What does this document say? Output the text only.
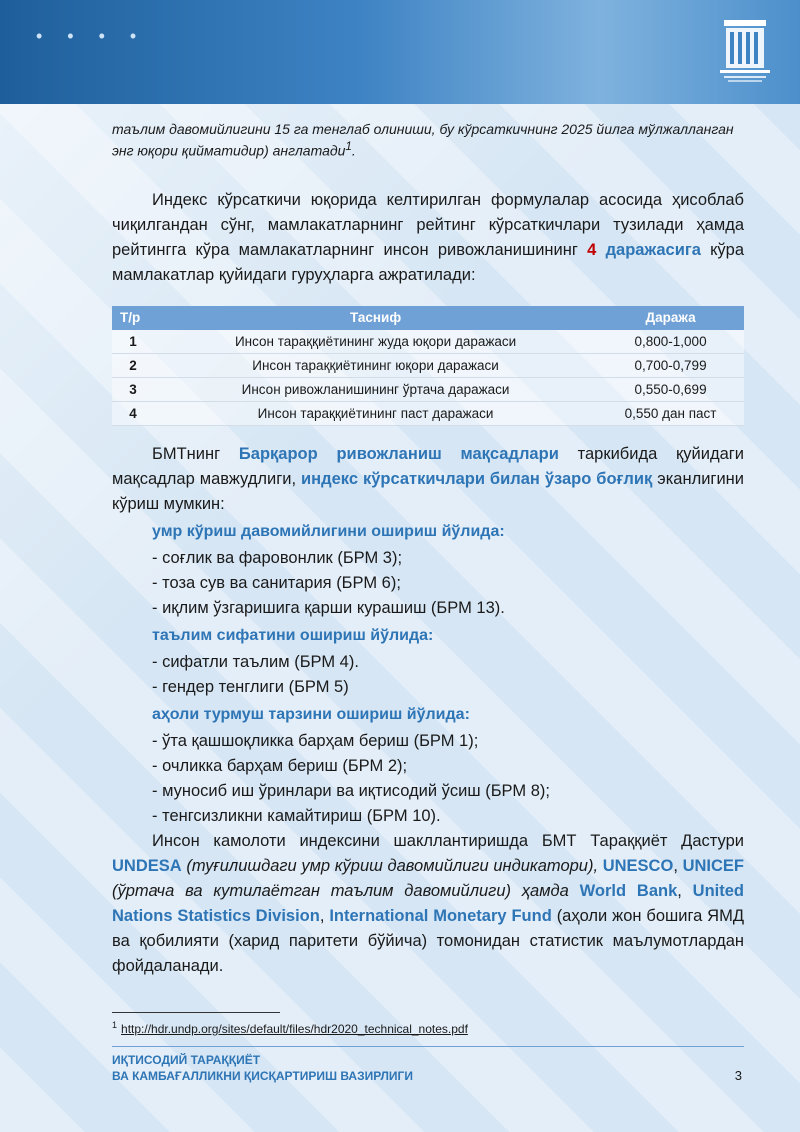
• • • •

таълим давомийлигини 15 га тенглаб олиниши, бу кўрсаткичнинг 2025 йилга мўлжалланган энг юқори қийматидир) англатади$^1$.

Индекс кўрсаткичи юқорида келтирилган формулалар асосида ҳисоблаб чиқилгандан сўнг, мамлакатларнинг рейтинг кўрсаткичлари тузилади ҳамда рейтингга кўра мамлакатларнинг инсон ривожланишининг 4 даражасига кўра мамлакатлар қуйидаги гуруҳларга ажратилади:

Т/р	Тасниф	Даража
1	Инсон тараққиётининг жуда юқори даражаси	0,800-1,000
2	Инсон тараққиётининг юқори даражаси	0,700-0,799
3	Инсон ривожланишининг ўртача даражаси	0,550-0,699
4	Инсон тараққиётининг паст даражаси	0,550 дан паст

БМТнинг Барқарор ривожланиш мақсадлари таркибида қуйидаги мақсадлар мавжудлиги, индекс кўрсаткичлари билан ўзаро боғлиқ эканлигини кўриш мумкин:

умр кўриш давомийлигини ошириш йўлида:
- соғлик ва фаровонлик (БРМ 3);
- тоза сув ва санитария (БРМ 6);
- иқлим ўзгаришига қарши курашиш (БРМ 13).
таълим сифатини ошириш йўлида:
- сифатли таълим (БРМ 4).
- гендер тенглиги (БРМ 5)
аҳоли турмуш тарзини ошириш йўлида:
- ўта қашшоқликка барҳам бериш (БРМ 1);
- очликка барҳам бериш (БРМ 2);
- муносиб иш ўринлари ва иқтисодий ўсиш (БРМ 8);
- тенгсизликни камайтириш (БРМ 10).

Инсон камолоти индексини шакллантиришда БМТ Тараққиёт Дастури UNDESA (туғилишдаги умр кўриш давомийлиги индикатори), UNESCO, UNICEF (ўртача ва кутилаётган таълим давомийлиги) ҳамда World Bank, United Nations Statistics Division, International Monetary Fund (аҳоли жон бошига ЯМД ва қобилияти (харид паритети бўйича) томонидан статистик маълумотлардан фойдаланади.

$^1$ http://hdr.undp.org/sites/default/files/hdr2020_technical_notes.pdf
ИҚТИСОДИЙ ТАРАҚҚИЁТ
ВА КАМБАҒАЛЛИКНИ ҚИСҚАРТИРИШ ВАЗИРЛИГИ	3
